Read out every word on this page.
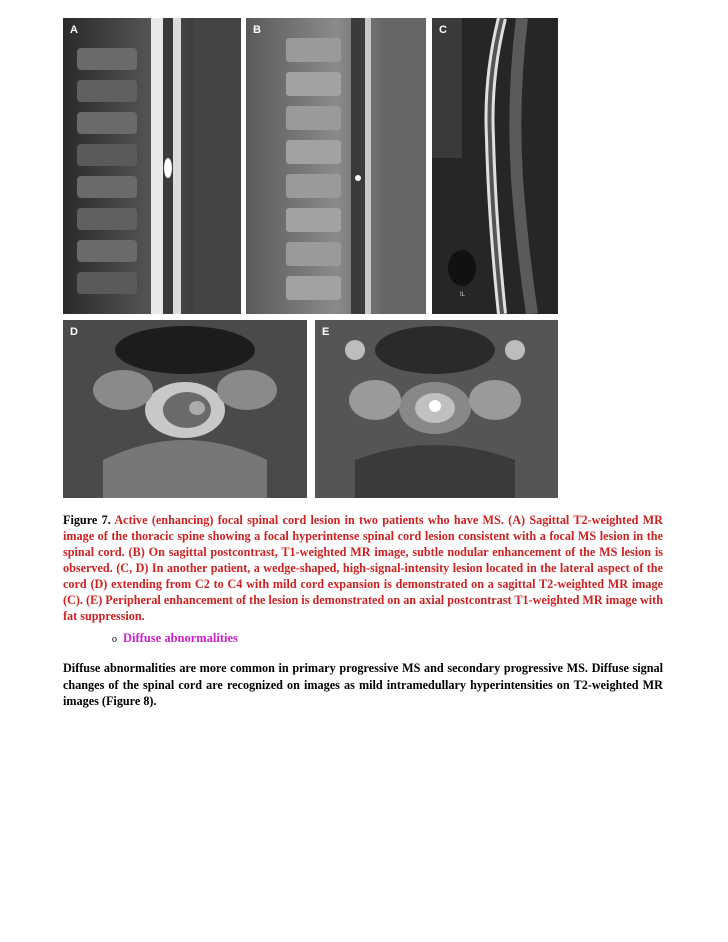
A	B	C
IL
D	E

Figure 7. Active (enhancing) focal spinal cord lesion in two patients who have MS. (A) Sagittal T2-weighted MR image of the thoracic spine showing a focal hyperintense spinal cord lesion consistent with a focal MS lesion in the spinal cord. (B) On sagittal postcontrast, T1-weighted MR image, subtle nodular enhancement of the MS lesion is observed. (C, D) In another patient, a wedge-shaped, high-signal-intensity lesion located in the lateral aspect of the cord (D) extending from C2 to C4 with mild cord expansion is demonstrated on a sagittal T2-weighted MR image (C). (E) Peripheral enhancement of the lesion is demonstrated on an axial postcontrast T1-weighted MR image with fat suppression.

o Diffuse abnormalities

Diffuse abnormalities are more common in primary progressive MS and secondary progressive MS. Diffuse signal changes of the spinal cord are recognized on images as mild intramedullary hyperintensities on T2-weighted MR images (Figure 8).
